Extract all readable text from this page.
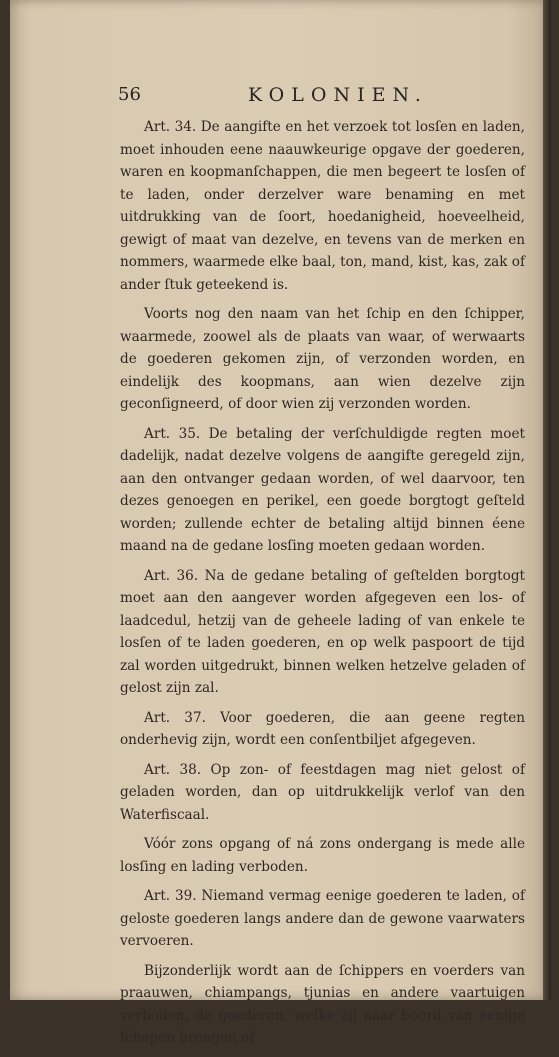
56	KOLONIEN.

Art. 34. De aangifte en het verzoek tot losſen en laden, moet inhouden eene naauwkeurige opgave der goederen, waren en koopmanſchappen, die men begeert te losſen of te laden, onder derzelver ware benaming en met uitdrukking van de ſoort, hoedanigheid, hoeveelheid, gewigt of maat van dezelve, en tevens van de merken en nommers, waarmede elke baal, ton, mand, kist, kas, zak of ander ſtuk geteekend is.

Voorts nog den naam van het ſchip en den ſchipper, waarmede, zoowel als de plaats van waar, of werwaarts de goederen gekomen zijn, of verzonden worden, en eindelijk des koopmans, aan wien dezelve zijn geconſigneerd, of door wien zij verzonden worden.

Art. 35. De betaling der verſchuldigde regten moet dadelijk, nadat dezelve volgens de aangifte geregeld zijn, aan den ontvanger gedaan worden, of wel daarvoor, ten dezes genoegen en perikel, een goede borgtogt geſteld worden; zullende echter de betaling altijd binnen éene maand na de gedane losſing moeten gedaan worden.

Art. 36. Na de gedane betaling of geſtelden borgtogt moet aan den aangever worden afgegeven een los- of laadcedul, hetzij van de geheele lading of van enkele te losſen of te laden goederen, en op welk paspoort de tijd zal worden uitgedrukt, binnen welken hetzelve geladen of gelost zijn zal.

Art. 37. Voor goederen, die aan geene regten onderhevig zijn, wordt een conſentbiljet afgegeven.

Art. 38. Op zon- of feestdagen mag niet gelost of geladen worden, dan op uitdrukkelijk verlof van den Waterfiscaal.

Vóór zons opgang of ná zons ondergang is mede alle losſing en lading verboden.

Art. 39. Niemand vermag eenige goederen te laden, of geloste goederen langs andere dan de gewone vaarwaters vervoeren.

Bijzonderlijk wordt aan de ſchippers en voerders van praauwen, chiampangs, tjunias en andere vaartuigen verboden, de goederen, welke zij naar boord van eenige ſchepen brengen of
